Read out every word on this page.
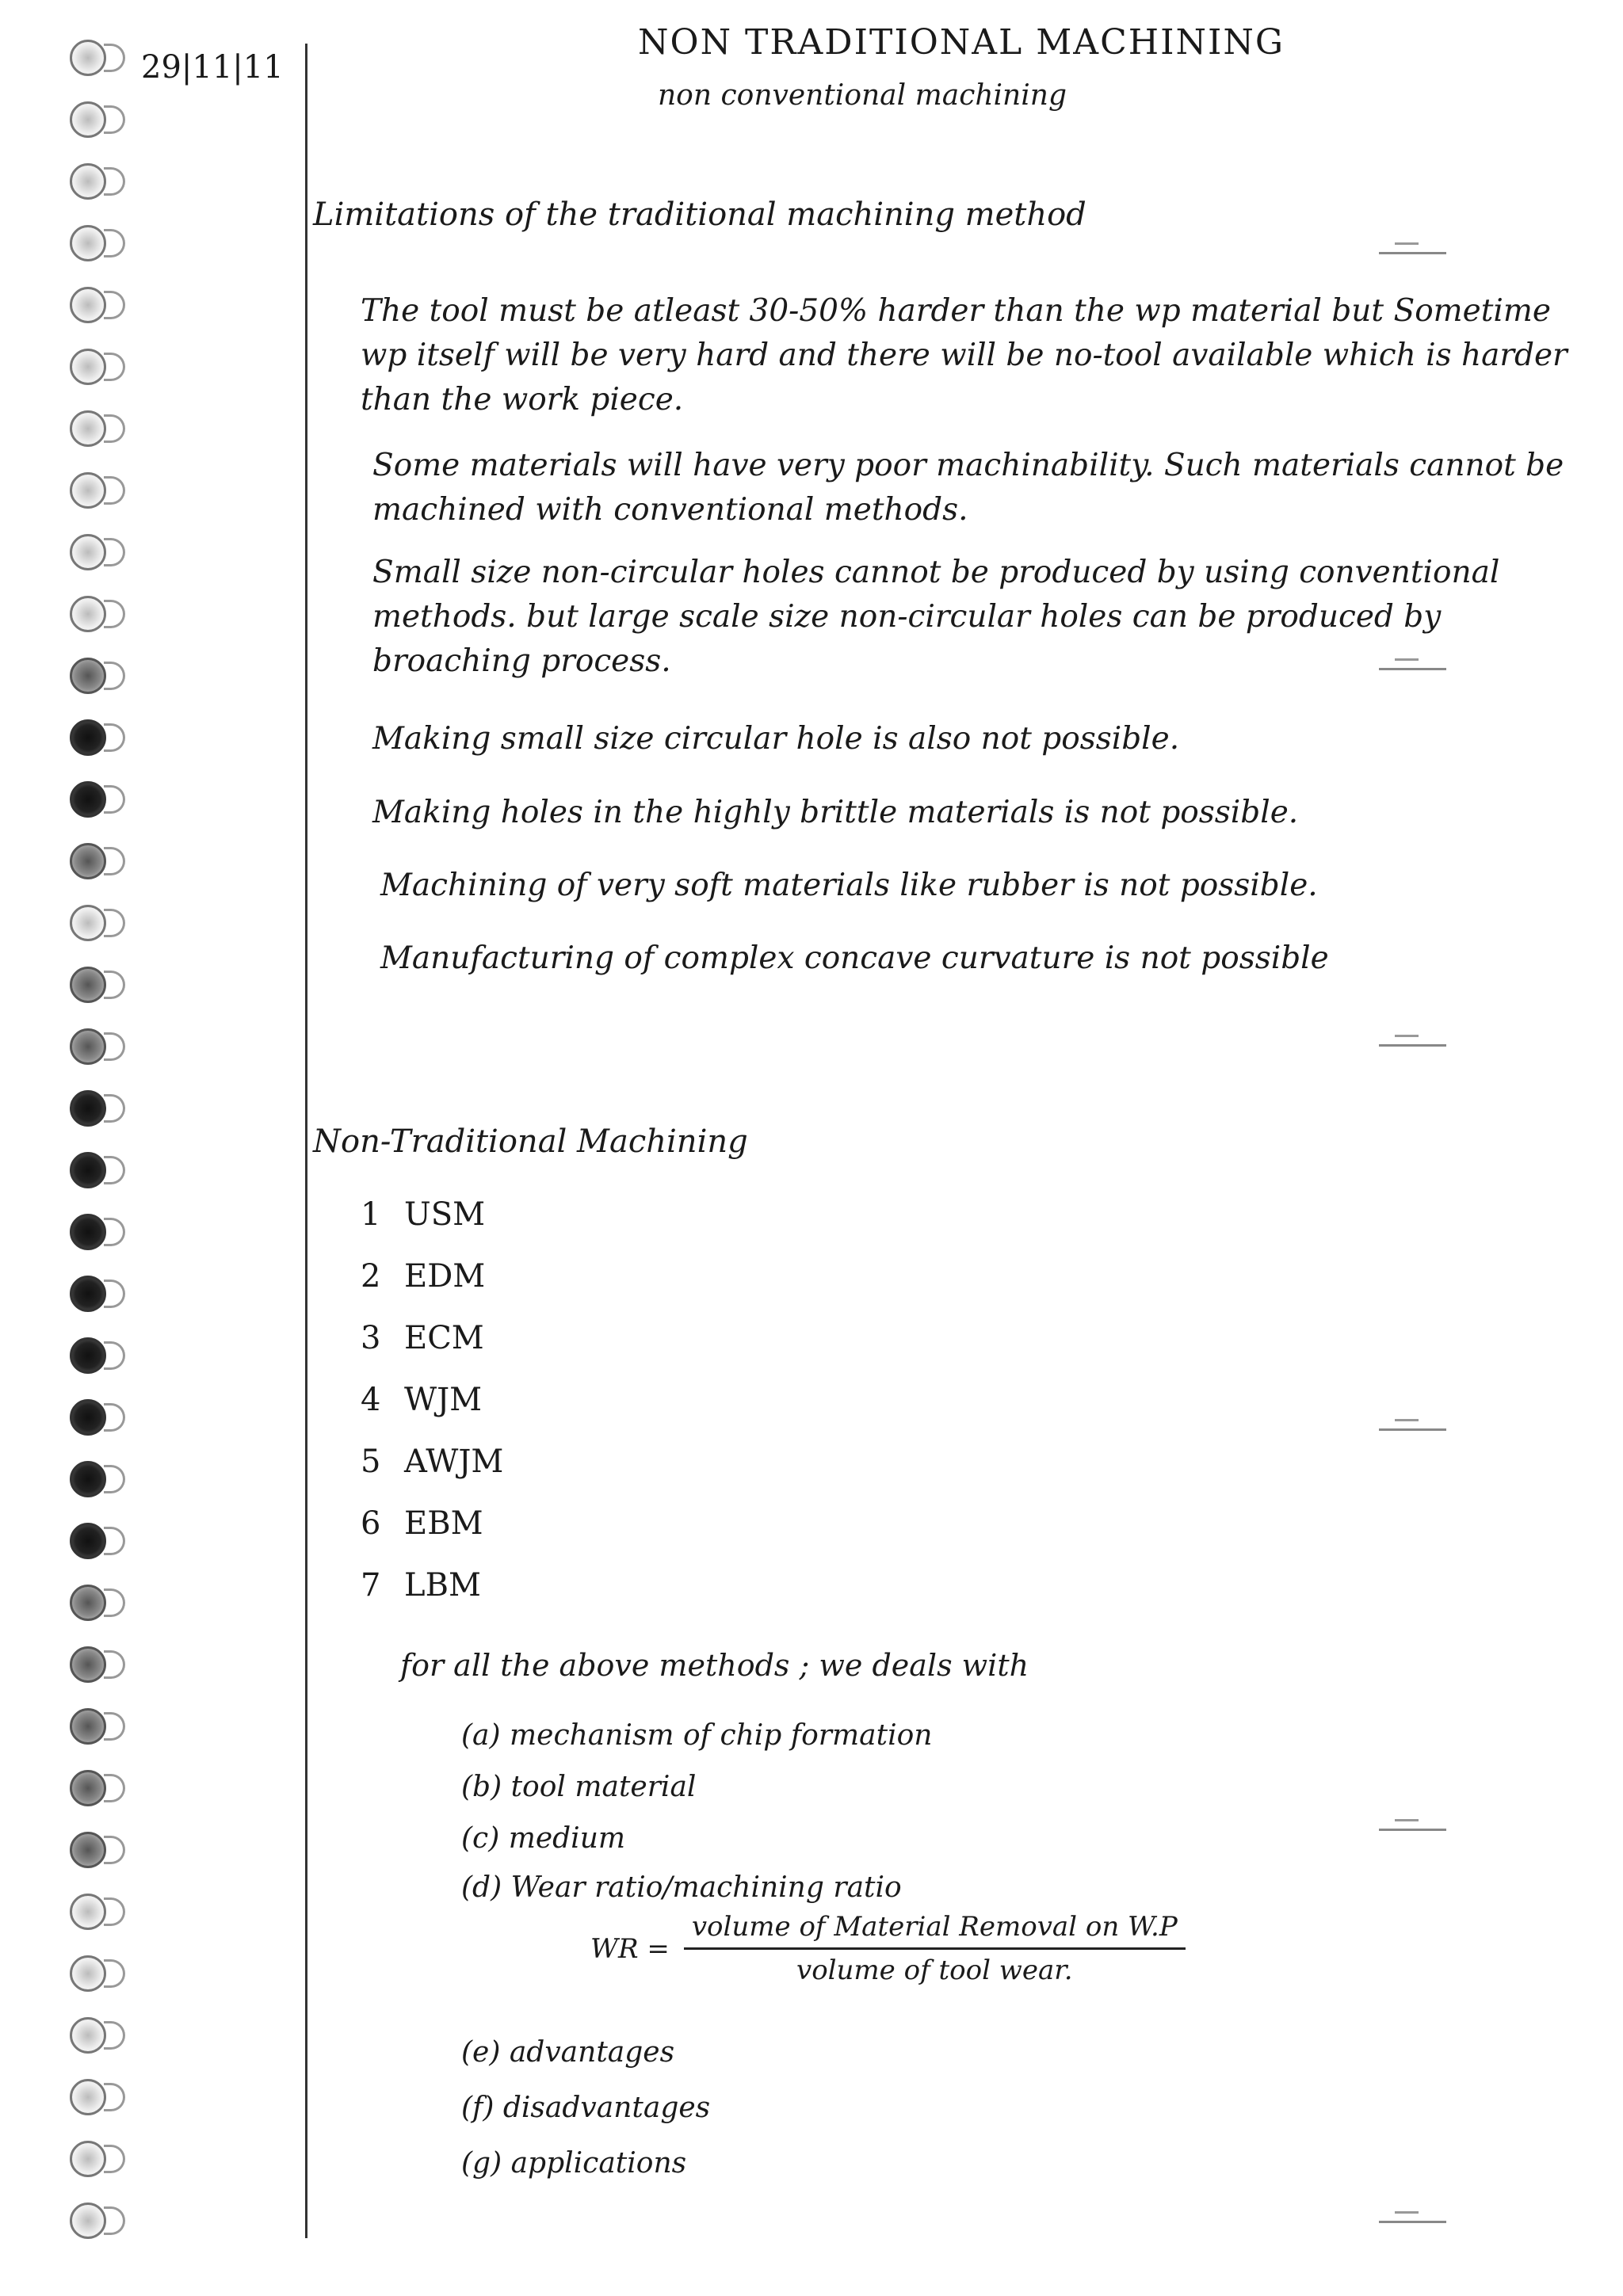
29|11|11
NON TRADITIONAL MACHINING
non conventional machining
Limitations of the traditional machining method
The tool must be atleast 30-50% harder than the wp material but Sometime wp itself will be very hard and there will be no-tool available which is harder than the work piece.
Some materials will have very poor machinability. Such materials cannot be machined with conventional methods.
Small size non-circular holes cannot be produced by using conventional methods. but large scale size non-circular holes can be produced by broaching process.
Making small size circular hole is also not possible.
Making holes in the highly brittle materials is not possible.
Machining of very soft materials like rubber is not possible.
Manufacturing of complex concave curvature is not possible
Non-Traditional Machining
1 USM
2 EDM
3 ECM
4 WJM
5 AWJM
6 EBM
7 LBM
for all the above methods ; we deals with
(a) mechanism of chip formation
(b) tool material
(c) medium
(d) Wear ratio/machining ratio
WR = $\frac{\text{volume of Material Removal on W.P}}{\text{volume of tool wear.}}$
(e) advantages
(f) disadvantages
(g) applications
